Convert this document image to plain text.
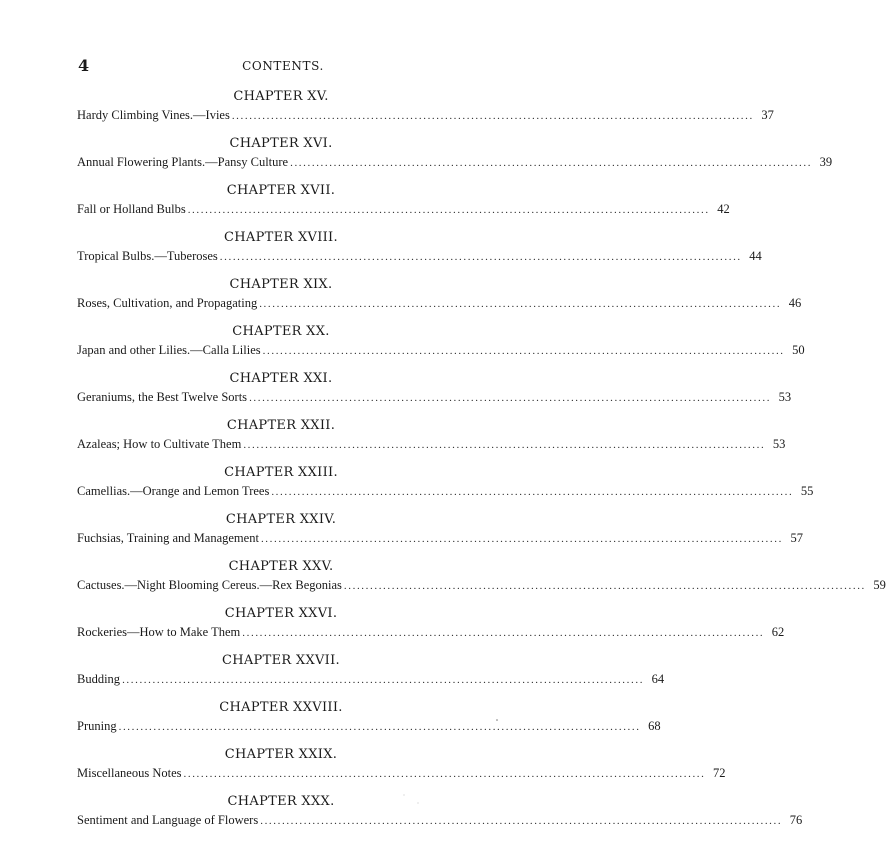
4	CONTENTS.
CHAPTER XV.
Hardy Climbing Vines.—Ivies ........................................................................................................................ 37
CHAPTER XVI.
Annual Flowering Plants.—Pansy Culture ........................................................................................................................ 39
CHAPTER XVII.
Fall or Holland Bulbs ........................................................................................................................ 42
CHAPTER XVIII.
Tropical Bulbs.—Tuberoses ........................................................................................................................ 44
CHAPTER XIX.
Roses, Cultivation, and Propagating ........................................................................................................................ 46
CHAPTER XX.
Japan and other Lilies.—Calla Lilies ........................................................................................................................ 50
CHAPTER XXI.
Geraniums, the Best Twelve Sorts ........................................................................................................................ 53
CHAPTER XXII.
Azaleas; How to Cultivate Them ........................................................................................................................ 53
CHAPTER XXIII.
Camellias.—Orange and Lemon Trees ........................................................................................................................ 55
CHAPTER XXIV.
Fuchsias, Training and Management ........................................................................................................................ 57
CHAPTER XXV.
Cactuses.—Night Blooming Cereus.—Rex Begonias ........................................................................................................................ 59
CHAPTER XXVI.
Rockeries—How to Make Them ........................................................................................................................ 62
CHAPTER XXVII.
Budding ........................................................................................................................ 64
CHAPTER XXVIII.
Pruning ........................................................................................................................ 68
CHAPTER XXIX.
Miscellaneous Notes ........................................................................................................................ 72
CHAPTER XXX.
Sentiment and Language of Flowers ........................................................................................................................ 76
